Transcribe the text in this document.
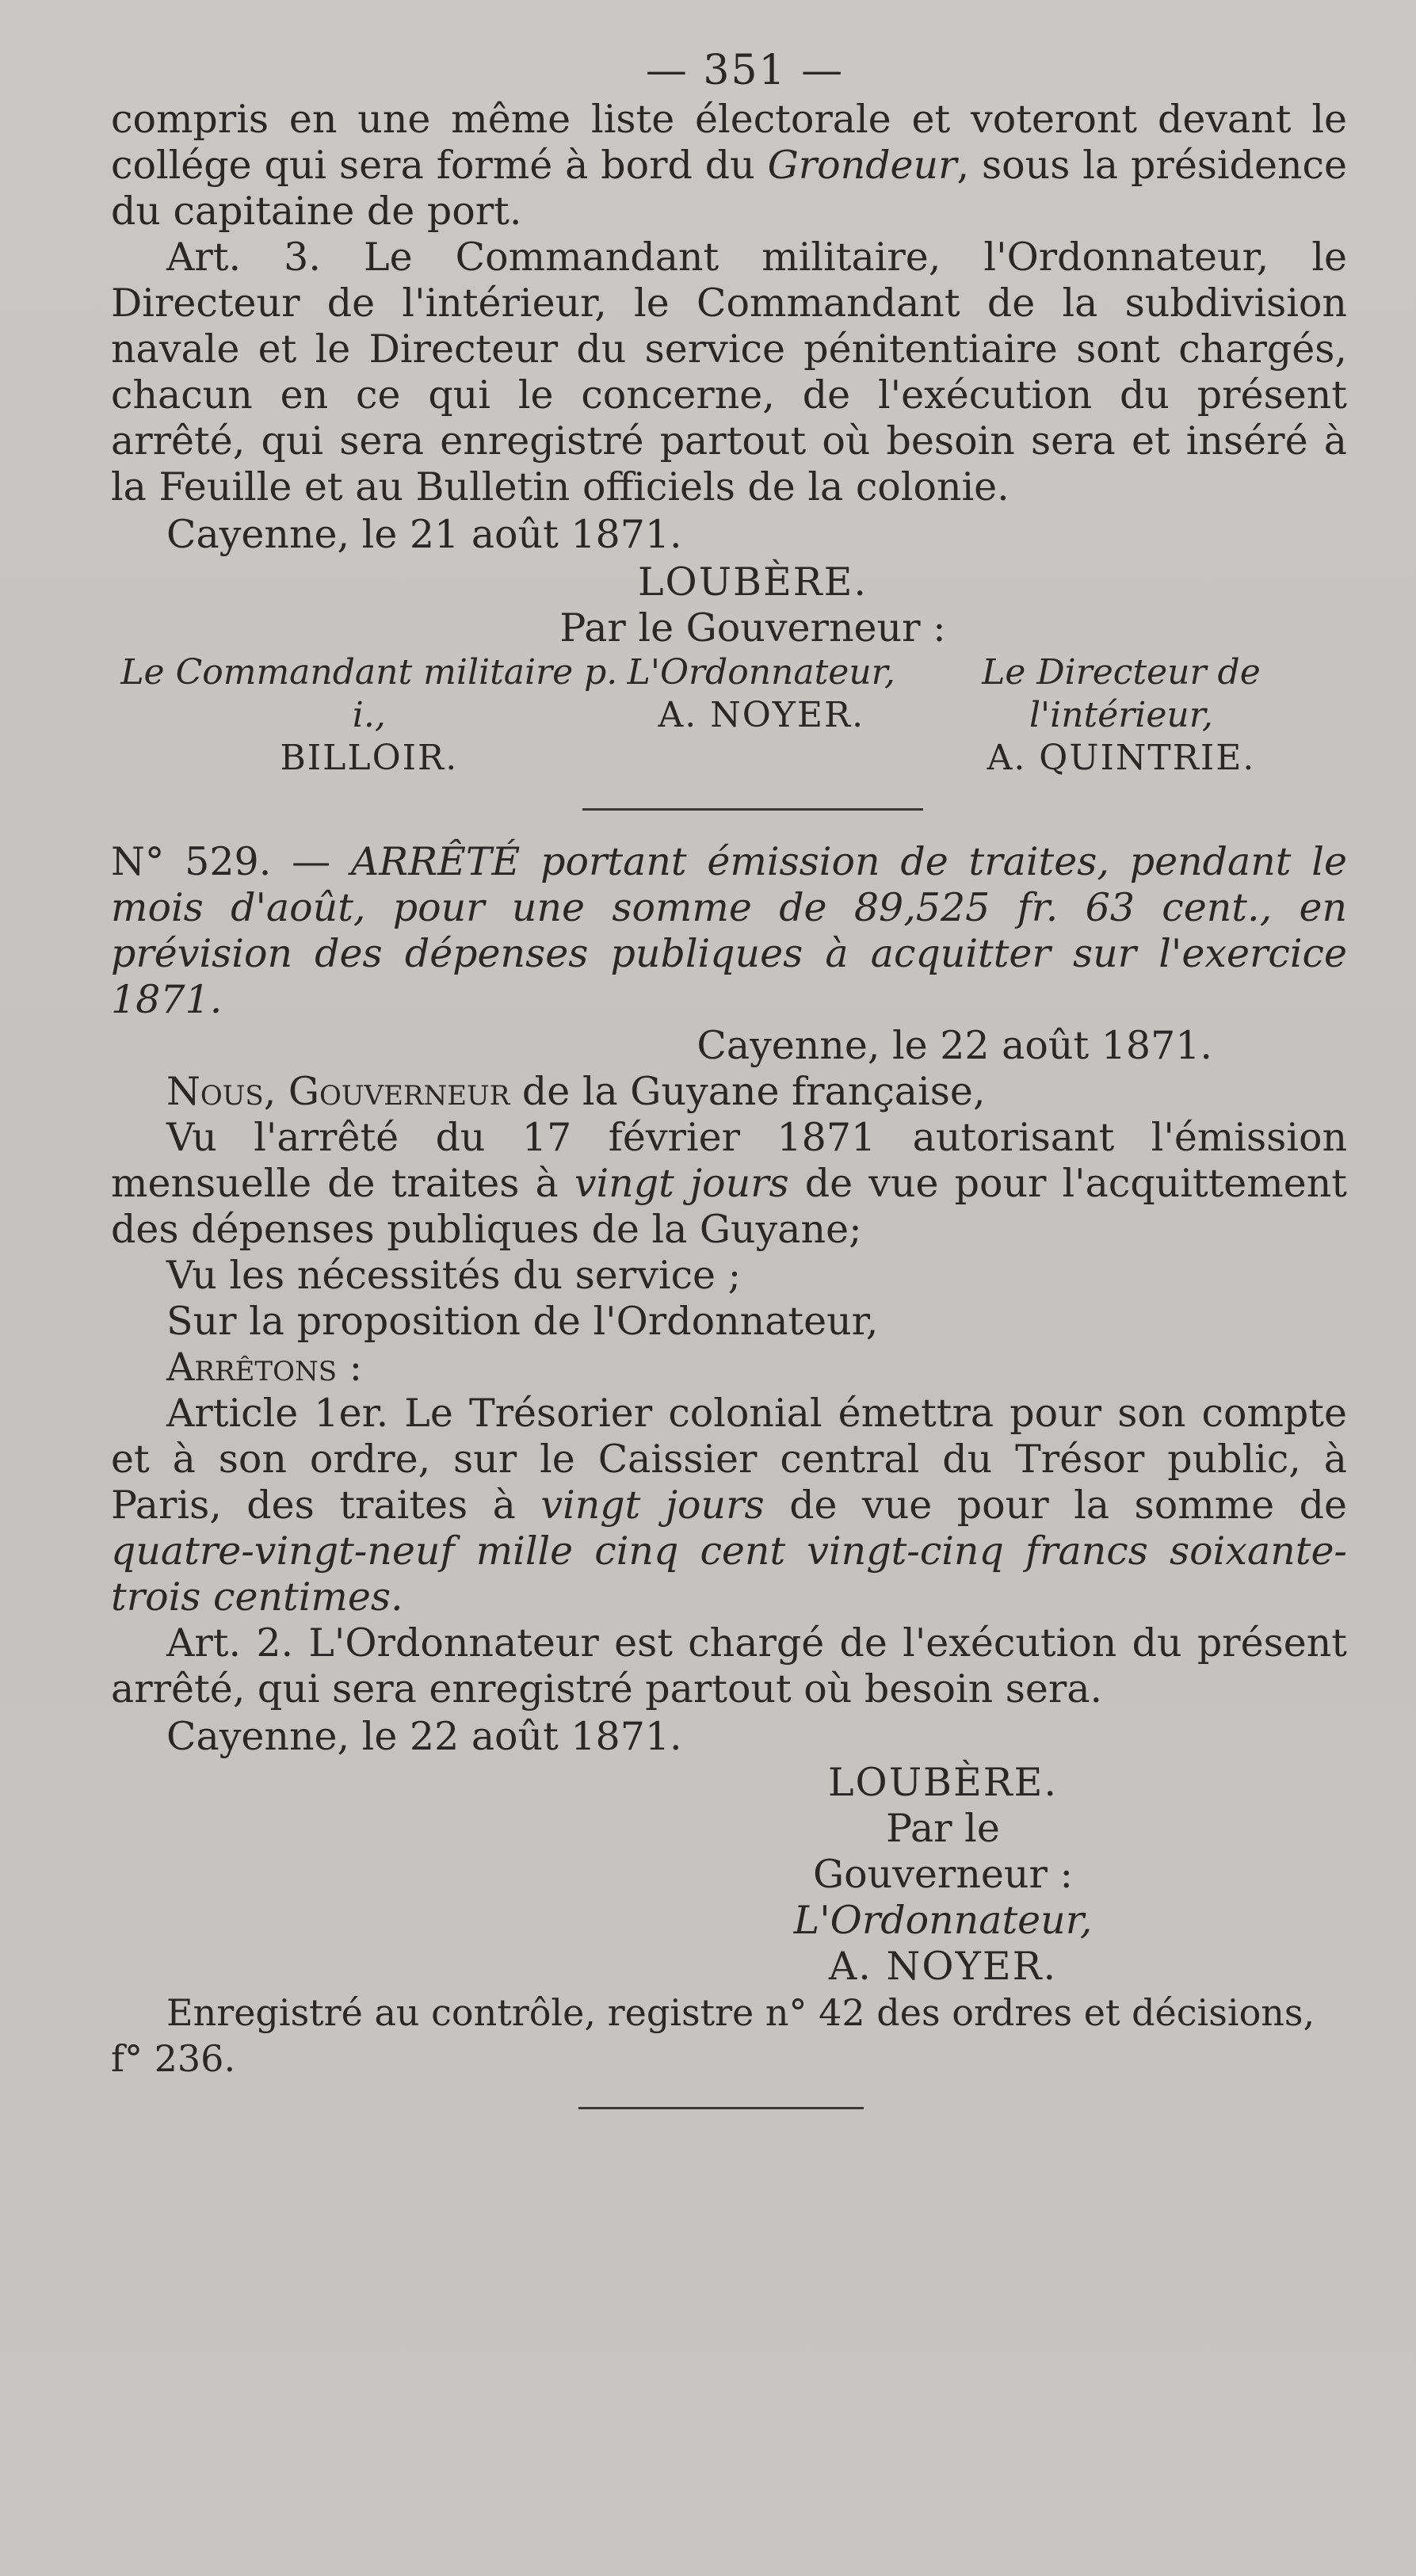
— 351 —

compris en une même liste électorale et voteront devant le collége qui sera formé à bord du Grondeur, sous la présidence du capitaine de port.

Art. 3. Le Commandant militaire, l'Ordonnateur, le Directeur de l'intérieur, le Commandant de la subdivision navale et le Directeur du service pénitentiaire sont chargés, chacun en ce qui le concerne, de l'exécution du présent arrêté, qui sera enregistré partout où besoin sera et inséré à la Feuille et au Bulletin officiels de la colonie.

Cayenne, le 21 août 1871.

LOUBÈRE.

Par le Gouverneur :

Le Commandant militaire p. i.,
BILLOIR.
L'Ordonnateur,
A. NOYER.
Le Directeur de l'intérieur,
A. QUINTRIE.

N° 529. — ARRÊTÉ portant émission de traites, pendant le mois d'août, pour une somme de 89,525 fr. 63 cent., en prévision des dépenses publiques à acquitter sur l'exercice 1871.

Cayenne, le 22 août 1871.

Nous, Gouverneur de la Guyane française,

Vu l'arrêté du 17 février 1871 autorisant l'émission mensuelle de traites à vingt jours de vue pour l'acquittement des dépenses publiques de la Guyane;

Vu les nécessités du service ;

Sur la proposition de l'Ordonnateur,

Arrêtons :

Article 1er. Le Trésorier colonial émettra pour son compte et à son ordre, sur le Caissier central du Trésor public, à Paris, des traites à vingt jours de vue pour la somme de quatre-vingt-neuf mille cinq cent vingt-cinq francs soixante-trois centimes.

Art. 2. L'Ordonnateur est chargé de l'exécution du présent arrêté, qui sera enregistré partout où besoin sera.

Cayenne, le 22 août 1871.

LOUBÈRE.
Par le Gouverneur :
L'Ordonnateur,
A. NOYER.

Enregistré au contrôle, registre n° 42 des ordres et décisions, f° 236.
